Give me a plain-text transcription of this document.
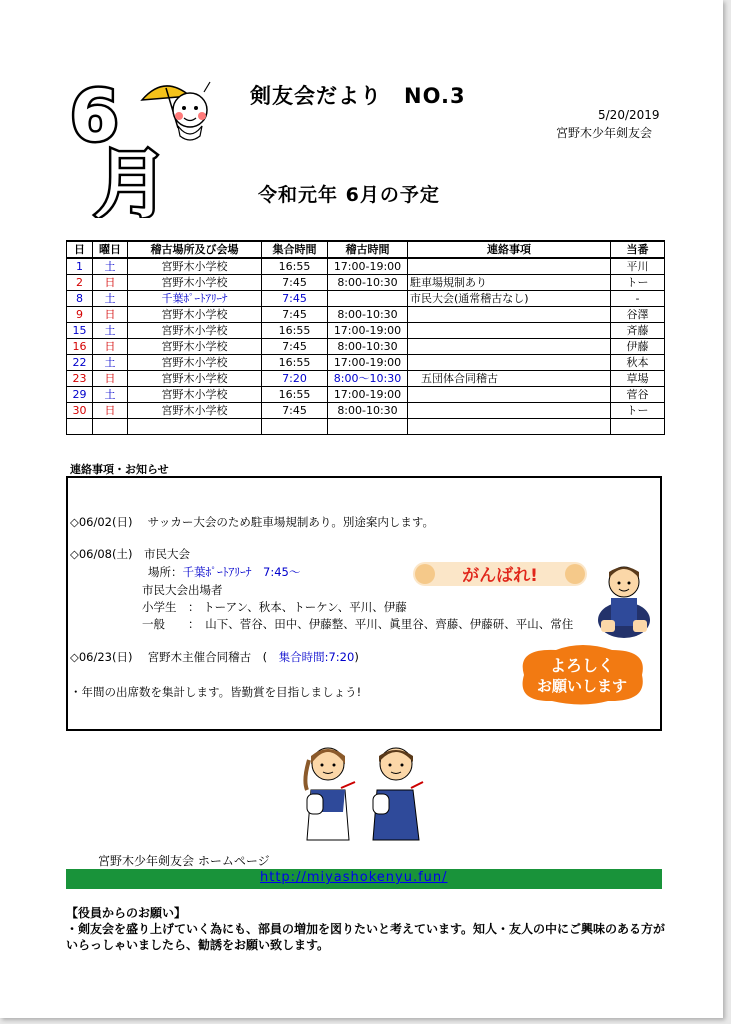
6
月
剣友会だより　NO.3
5/20/2019
宮野木少年剣友会
令和元年 6月の予定
日	曜日	稽古場所及び会場	集合時間	稽古時間	連絡事項	当番
1	土	宮野木小学校	16:55	17:00-19:00		平川
2	日	宮野木小学校	7:45	8:00-10:30	駐車場規制あり	トー
8	土	千葉ﾎﾟｰﾄｱﾘｰﾅ	7:45		市民大会(通常稽古なし)	-
9	日	宮野木小学校	7:45	8:00-10:30		谷澤
15	土	宮野木小学校	16:55	17:00-19:00		斉藤
16	日	宮野木小学校	7:45	8:00-10:30		伊藤
22	土	宮野木小学校	16:55	17:00-19:00		秋本
23	日	宮野木小学校	7:20	8:00～10:30	　五団体合同稽古	草場
29	土	宮野木小学校	16:55	17:00-19:00		菅谷
30	日	宮野木小学校	7:45	8:00-10:30		トー

連絡事項・お知らせ
◇06/02(日)　 サッカー大会のため駐車場規制あり。別途案内します。
◇06/08(土)　市民大会
場所：千葉ﾎﾟｰﾄｱﾘｰﾅ　7:45～
市民大会出場者
小学生　： トーアン、秋本、トーケン、平川、伊藤
一般　　：　山下、菅谷、田中、伊藤整、平川、眞里谷、齊藤、伊藤研、平山、常住
◇06/23(日)　 宮野木主催合同稽古　(　集合時間:7:20)
・年間の出席数を集計します。皆勤賞を目指しましょう!
がんばれ!
よろしく
お願いします
宮野木少年剣友会 ホームページ
http://miyashokenyu.fun/
【役員からのお願い】
・剣友会を盛り上げていく為にも、部員の増加を図りたいと考えています。知人・友人の中にご興味のある方がいらっしゃいましたら、勧誘をお願い致します。
